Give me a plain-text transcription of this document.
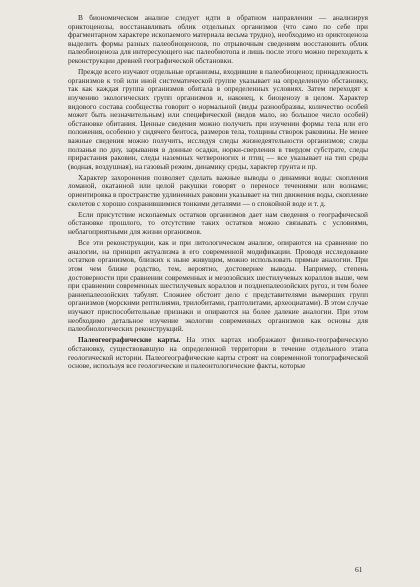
В биономическом анализе следует идти в обратном направлении — анализируя ориктоценозы, восстанавливать облик отдельных организмов (что само по себе при фрагментарном характере ископаемого материала весьма трудно), необходимо из ориктоценоза выделить формы разных палеобиоценозов, по отрывочным сведениям восстановить облик палеобиоценоза для интересующего нас палеобиотопа и лишь после этого можно переходить к реконструкции древней географической обстановки.

Прежде всего изучают отдельные организмы, входившие в палеобиоценоз; принадлежность организмов к той или иной систематической группе указывает на определенную обстановку, так как каждая группа организмов обитала в определенных условиях. Затем переходят к изучению экологических групп организмов и, наконец, к биоценозу в целом. Характер видового состава сообщества говорит о нормальной (виды разнообразны, количество особей может быть незначительным) или специфической (видов мало, но большое число особей) обстановке обитания. Ценные сведения можно получить при изучении формы тела или его положения, особенно у сидячего бентоса, размеров тела, толщины створок раковины. Не менее важные сведения можно получить, исследуя следы жизнедеятельности организмов; следы ползанья по дну, зарывания в донные осадки, норки-сверления в твердом субстрате, следы прирастания раковин, следы наземных четвероногих и птиц — все указывает на тип среды (водная, воздушная), на газовый режим, динамику среды, характер грунта и пр.

Характер захоронения позволяет сделать важные выводы о динамики воды: скопления ломаной, окатанной или целой ракушки говорят о переносе течениями или волнами; ориентировка в пространстве удлиненных раковин указывает на тип движения воды, скопление скелетов с хорошо сохранившимися тонкими деталями — о спокойной воде и т. д.

Если присутствие ископаемых остатков организмов дает нам сведения о географической обстановке прошлого, то отсутствие таких остатков можно связывать с условиями, неблагоприятными для жизни организмов.

Все эти реконструкции, как и при литологическом анализе, опираются на сравнение по аналогии, на принцип актуализма в его современной модификации. Проводя исследование остатков организмов, близких к ныне живущим, можно использовать прямые аналогии. При этом чем ближе родство, тем, вероятно, достовернее выводы. Например, степень достоверности при сравнении современных и мезозойских шестилучевых кораллов выше, чем при сравнении современных шестилучевых кораллов и позднепалеозойских ругоз, и тем более раннепалеозойских табулят. Сложнее обстоит дело с представителями вымерших групп организмов (морскими рептилиями, трилобитами, граптолитами, археоциатами). В этом случае изучают приспособительные признаки и опираются на более далекие аналогии. При этом необходимо детальное изучение экологии современных организмов как основы для палеобиологических реконструкций.

Палеогеографические карты. На этих картах изображают физико-географическую обстановку, существовавшую на определенной территории в течение отдельного этапа геологической истории. Палеогеографические карты строят на современной топографической основе, используя все геологические и палеонтологические факты, которые

61
